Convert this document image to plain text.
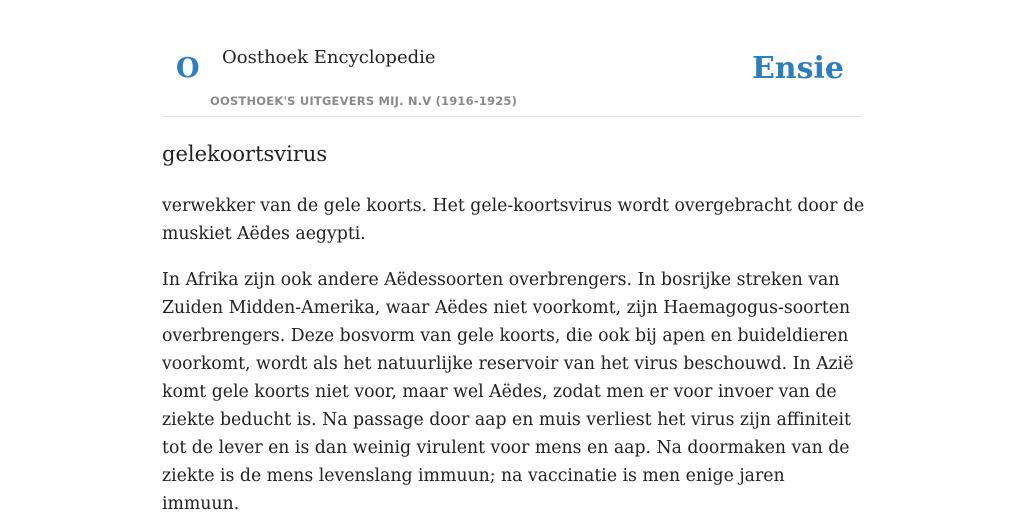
O Oosthoek Encyclopedie
OOSTHOEK'S UITGEVERS MIJ. N.V (1916-1925)
Ensie
gelekoortsvirus

verwekker van de gele koorts. Het gele-koortsvirus wordt overgebracht door de muskiet Aëdes aegypti.

In Afrika zijn ook andere Aëdessoorten overbrengers. In bosrijke streken van Zuiden Midden-Amerika, waar Aëdes niet voorkomt, zijn Haemagogus-soorten overbrengers. Deze bosvorm van gele koorts, die ook bij apen en buideldieren voorkomt, wordt als het natuurlijke reservoir van het virus beschouwd. In Azië komt gele koorts niet voor, maar wel Aëdes, zodat men er voor invoer van de ziekte beducht is. Na passage door aap en muis verliest het virus zijn affiniteit tot de lever en is dan weinig virulent voor mens en aap. Na doormaken van de ziekte is de mens levenslang immuun; na vaccinatie is men enige jaren immuun.
